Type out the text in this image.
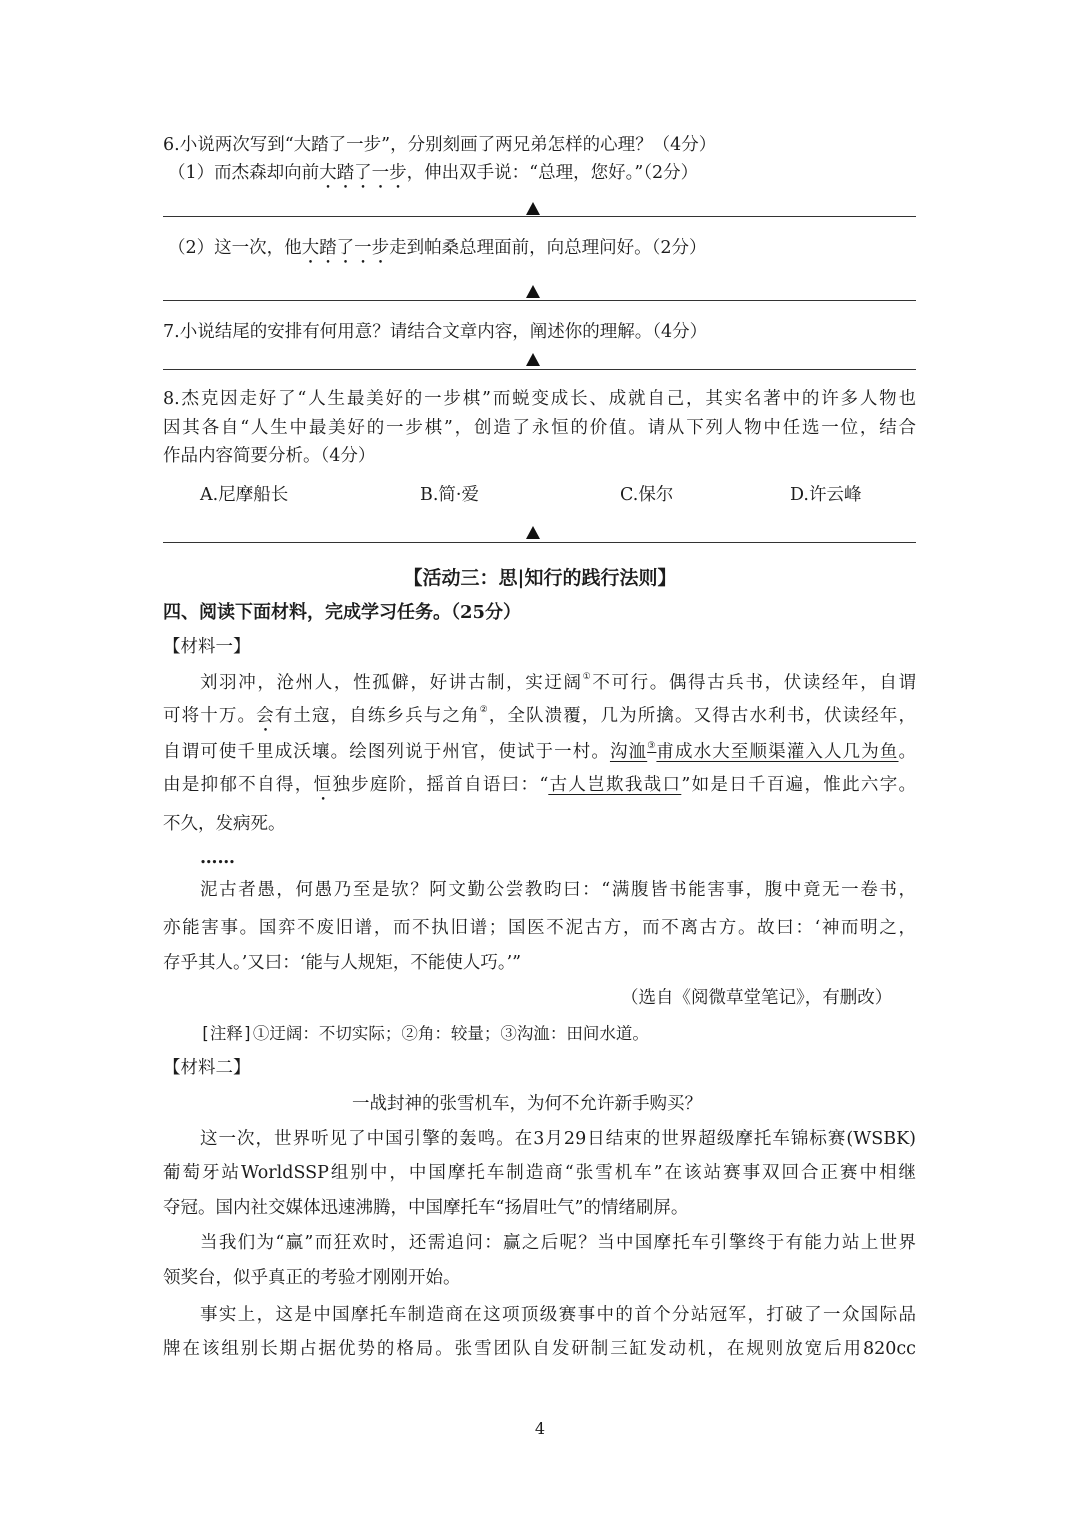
6.小说两次写到“大踏了一步”，分别刻画了两兄弟怎样的心理？（4分）
（1）而杰森却向前大踏了一步，伸出双手说：“总理，您好。”（2分）
（2）这一次，他大踏了一步走到帕桑总理面前，向总理问好。（2分）
7.小说结尾的安排有何用意？请结合文章内容，阐述你的理解。（4分）
8.杰克因走好了“人生最美好的一步棋”而蜕变成长、成就自己，其实名著中的许多人物也
因其各自“人生中最美好的一步棋”，创造了永恒的价值。请从下列人物中任选一位，结合
作品内容简要分析。（4分）
A.尼摩船长	B.简·爱	C.保尔	D.许云峰
【活动三：思|知行的践行法则】
四、阅读下面材料，完成学习任务。（25分）
【材料一】
刘羽冲，沧州人，性孤僻，好讲古制，实迂阔①不可行。偶得古兵书，伏读经年，自谓
可将十万。会有土寇，自练乡兵与之角②，全队溃覆，几为所擒。又得古水利书，伏读经年，
自谓可使千里成沃壤。绘图列说于州官，使试于一村。沟洫③甫成水大至顺渠灌入人几为鱼。
由是抑郁不自得，恒独步庭阶，摇首自语曰：“古人岂欺我哉口”如是日千百遍，惟此六字。
不久，发病死。
……
泥古者愚，何愚乃至是欤？阿文勤公尝教昀曰：“满腹皆书能害事，腹中竟无一卷书，
亦能害事。国弈不废旧谱，而不执旧谱；国医不泥古方，而不离古方。故曰：‘神而明之，
存乎其人。’又曰：‘能与人规矩，不能使人巧。’”
（选自《阅微草堂笔记》，有删改）
[注释]①迂阔：不切实际；②角：较量；③沟洫：田间水道。
【材料二】
一战封神的张雪机车，为何不允许新手购买？
这一次，世界听见了中国引擎的轰鸣。在3月29日结束的世界超级摩托车锦标赛(WSBK)
葡萄牙站WorldSSP组别中，中国摩托车制造商“张雪机车”在该站赛事双回合正赛中相继
夺冠。国内社交媒体迅速沸腾，中国摩托车“扬眉吐气”的情绪刷屏。
当我们为“赢”而狂欢时，还需追问：赢之后呢？当中国摩托车引擎终于有能力站上世界
领奖台，似乎真正的考验才刚刚开始。
事实上，这是中国摩托车制造商在这项顶级赛事中的首个分站冠军，打破了一众国际品
牌在该组别长期占据优势的格局。张雪团队自发研制三缸发动机，在规则放宽后用820cc
4
